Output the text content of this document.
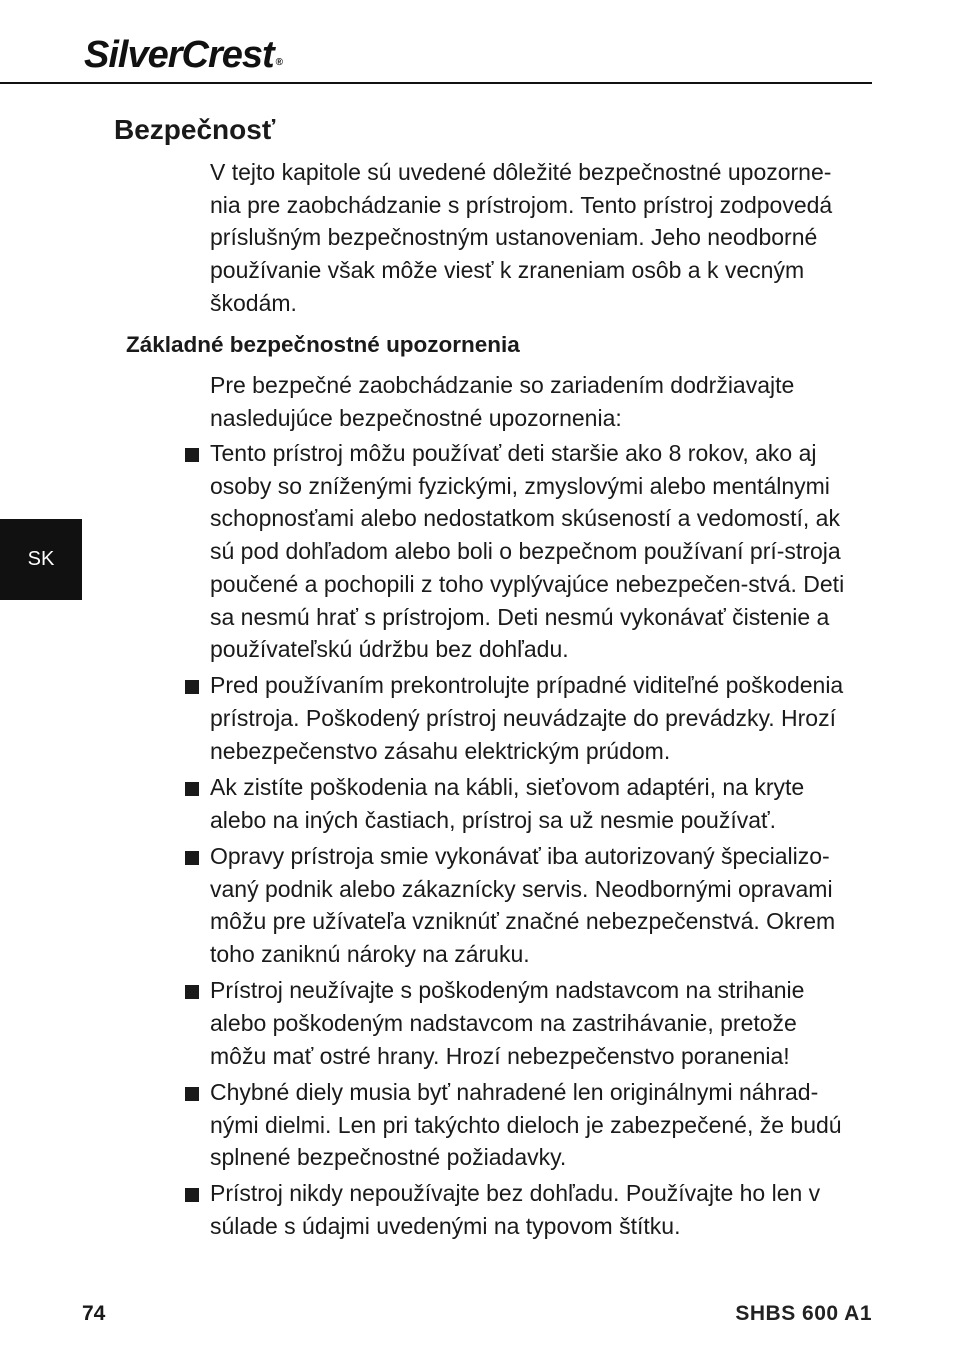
SilverCrest ®
Bezpečnosť
V tejto kapitole sú uvedené dôležité bezpečnostné upozorne-nia pre zaobchádzanie s prístrojom. Tento prístroj zodpovedá príslušným bezpečnostným ustanoveniam. Jeho neodborné používanie však môže viesť k zraneniam osôb a k vecným škodám.
Základné bezpečnostné upozornenia
Pre bezpečné zaobchádzanie so zariadením dodržiavajte nasledujúce bezpečnostné upozornenia:
Tento prístroj môžu používať deti staršie ako 8 rokov, ako aj osoby so zníženými fyzickými, zmyslovými alebo mentálnymi schopnosťami alebo nedostatkom skúseností a vedomostí, ak sú pod dohľadom alebo boli o bezpečnom používaní prí-stroja poučené a pochopili z toho vyplývajúce nebezpečen-stvá. Deti sa nesmú hrať s prístrojom. Deti nesmú vykonávať čistenie a používateľskú údržbu bez dohľadu.
Pred používaním prekontrolujte prípadné viditeľné poškodenia prístroja. Poškodený prístroj neuvádzajte do prevádzky. Hrozí nebezpečenstvo zásahu elektrickým prúdom.
Ak zistíte poškodenia na kábli, sieťovom adaptéri, na kryte alebo na iných častiach, prístroj sa už nesmie používať.
Opravy prístroja smie vykonávať iba autorizovaný špecializo-vaný podnik alebo zákaznícky servis. Neodbornými opravami môžu pre užívateľa vzniknúť značné nebezpečenstvá. Okrem toho zaniknú nároky na záruku.
Prístroj neužívajte s poškodeným nadstavcom na strihanie alebo poškodeným nadstavcom na zastrihávanie, pretože môžu mať ostré hrany. Hrozí nebezpečenstvo poranenia!
Chybné diely musia byť nahradené len originálnymi náhrad-nými dielmi. Len pri takýchto dieloch je zabezpečené, že budú splnené bezpečnostné požiadavky.
Prístroj nikdy nepoužívajte bez dohľadu. Používajte ho len v súlade s údajmi uvedenými na typovom štítku.
SK
74	SHBS 600 A1
